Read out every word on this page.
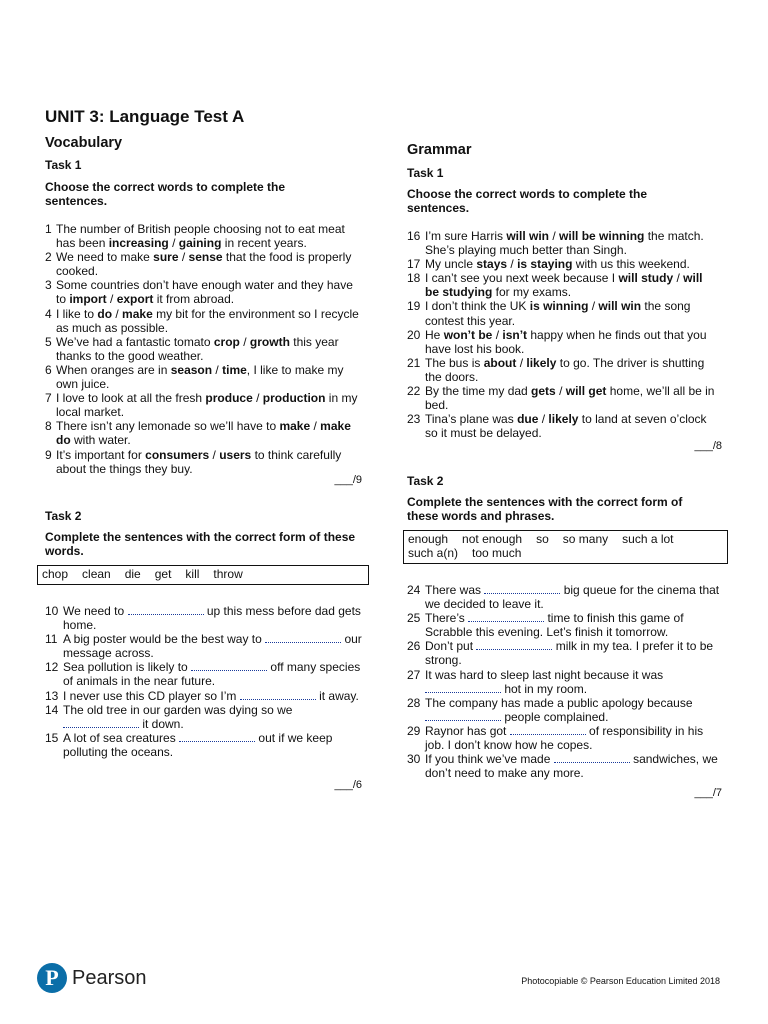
UNIT 3: Language Test A
Vocabulary
Task 1

Choose the correct words to complete the sentences.

1 The number of British people choosing not to eat meat has been increasing / gaining in recent years.
2 We need to make sure / sense that the food is properly cooked.
3 Some countries don’t have enough water and they have to import / export it from abroad.
4 I like to do / make my bit for the environment so I recycle as much as possible.
5 We’ve had a fantastic tomato crop / growth this year thanks to the good weather.
6 When oranges are in season / time, I like to make my own juice.
7 I love to look at all the fresh produce / production in my local market.
8 There isn’t any lemonade so we’ll have to make / make do with water.
9 It’s important for consumers / users to think carefully about the things they buy.
___/9
Task 2

Complete the sentences with the correct form of these words.

chop clean die get kill throw
10 We need to	up this mess before dad gets home.
11 A big poster would be the best way to	our message across.
12 Sea pollution is likely to	off many species of animals in the near future.
13 I never use this CD player so I’m	it away.
14 The old tree in our garden was dying so we  it down.
15 A lot of sea creatures	out if we keep polluting the oceans.
___/6
Grammar
Task 1

Choose the correct words to complete the sentences.

16 I’m sure Harris will win / will be winning the match. She’s playing much better than Singh.
17 My uncle stays / is staying with us this weekend.
18 I can’t see you next week because I will study / will be studying for my exams.
19 I don’t think the UK is winning / will win the song contest this year.
20 He won’t be / isn’t happy when he finds out that you have lost his book.
21 The bus is about / likely to go. The driver is shutting the doors.
22 By the time my dad gets / will get home, we’ll all be in bed.
23 Tina’s plane was due / likely to land at seven o’clock so it must be delayed.
___/8
Task 2

Complete the sentences with the correct form of these words and phrases.

enough not enough so so many such a lot
such a(n) too much
24 There was	big queue for the cinema that we decided to leave it.
25 There’s	time to finish this game of Scrabble this evening. Let’s finish it tomorrow.
26 Don’t put	milk in my tea. I prefer it to be strong.
27 It was hard to sleep last night because it was  hot in my room.
28 The company has made a public apology because  people complained.
29 Raynor has got	of responsibility in his job. I don’t know how he copes.
30 If you think we’ve made	sandwiches, we don’t need to make any more.
___/7
P Pearson	Photocopiable © Pearson Education Limited 2018
